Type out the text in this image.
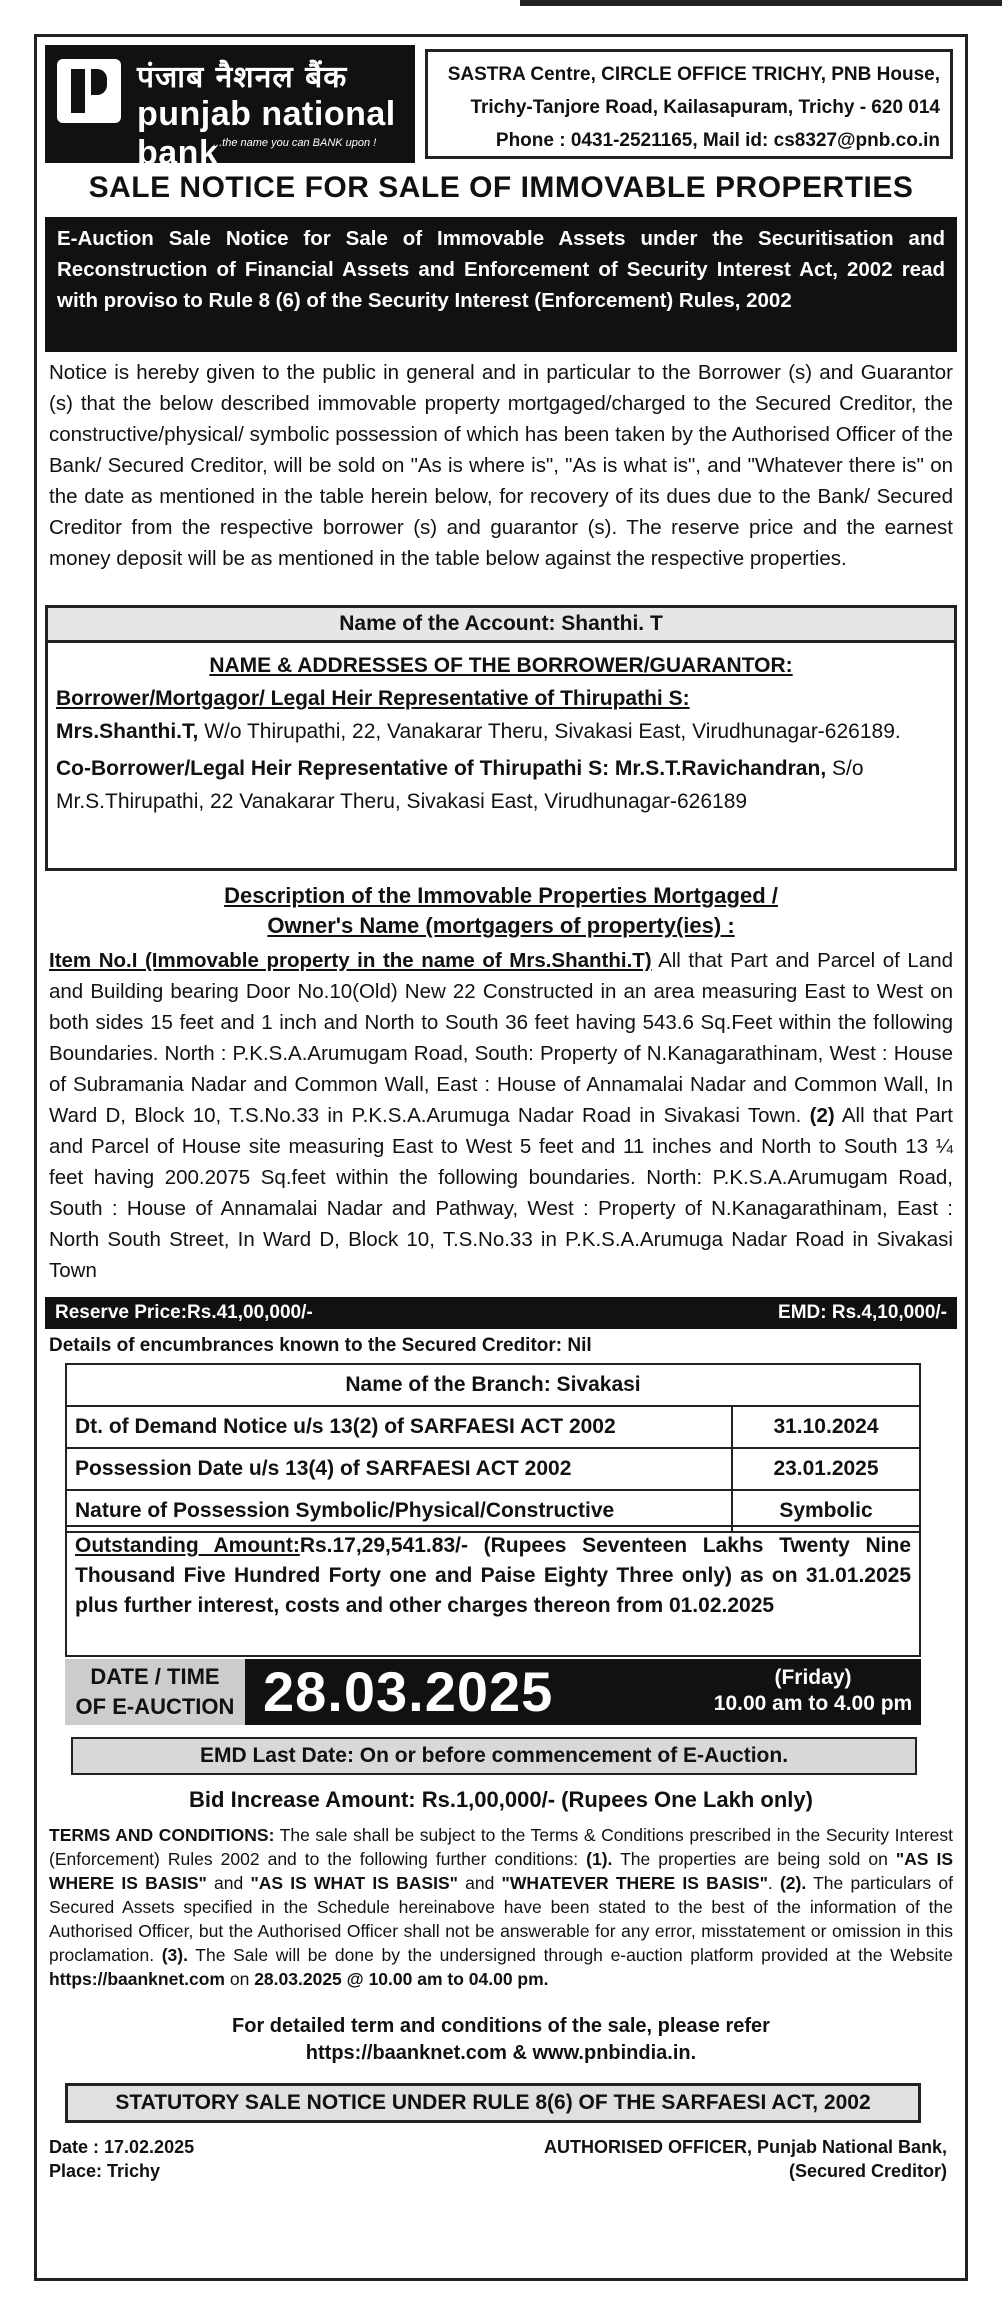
पंजाब नैशनल बैंक
punjab national bank
...the name you can BANK upon !
SASTRA Centre, CIRCLE OFFICE TRICHY, PNB House,
Trichy-Tanjore Road, Kailasapuram, Trichy - 620 014
Phone : 0431-2521165, Mail id: cs8327@pnb.co.in
SALE NOTICE FOR SALE OF IMMOVABLE PROPERTIES
E-Auction Sale Notice for Sale of Immovable Assets under the Securitisation and Reconstruction of Financial Assets and Enforcement of Security Interest Act, 2002 read with proviso to Rule 8 (6) of the Security Interest (Enforcement) Rules, 2002
Notice is hereby given to the public in general and in particular to the Borrower (s) and Guarantor (s) that the below described immovable property mortgaged/charged to the Secured Creditor, the constructive/physical/ symbolic possession of which has been taken by the Authorised Officer of the Bank/ Secured Creditor, will be sold on "As is where is", "As is what is", and "Whatever there is" on the date as mentioned in the table herein below, for recovery of its dues due to the Bank/ Secured Creditor from the respective borrower (s) and guarantor (s). The reserve price and the earnest money deposit will be as mentioned in the table below against the respective properties.
Name of the Account: Shanthi. T
NAME & ADDRESSES OF THE BORROWER/GUARANTOR:
Borrower/Mortgagor/ Legal Heir Representative of Thirupathi S:
Mrs.Shanthi.T, W/o Thirupathi, 22, Vanakarar Theru, Sivakasi East, Virudhunagar-626189.
Co-Borrower/Legal Heir Representative of Thirupathi S: Mr.S.T.Ravichandran, S/o Mr.S.Thirupathi, 22 Vanakarar Theru, Sivakasi East, Virudhunagar-626189
Description of the Immovable Properties Mortgaged /
Owner's Name (mortgagers of property(ies) :
Item No.I (Immovable property in the name of Mrs.Shanthi.T) All that Part and Parcel of Land and Building bearing Door No.10(Old) New 22 Constructed in an area measuring East to West on both sides 15 feet and 1 inch and North to South 36 feet having 543.6 Sq.Feet within the following Boundaries. North : P.K.S.A.Arumugam Road, South: Property of N.Kanagarathinam, West : House of Subramania Nadar and Common Wall, East : House of Annamalai Nadar and Common Wall, In Ward D, Block 10, T.S.No.33 in P.K.S.A.Arumuga Nadar Road in Sivakasi Town. (2) All that Part and Parcel of House site measuring East to West 5 feet and 11 inches and North to South 13 ¼ feet having 200.2075 Sq.feet within the following boundaries. North: P.K.S.A.Arumugam Road, South : House of Annamalai Nadar and Pathway, West : Property of N.Kanagarathinam, East : North South Street, In Ward D, Block 10, T.S.No.33 in P.K.S.A.Arumuga Nadar Road in Sivakasi Town
Reserve Price:Rs.41,00,000/-	EMD: Rs.4,10,000/-
Details of encumbrances known to the Secured Creditor: Nil
Name of the Branch: Sivakasi	
Dt. of Demand Notice u/s 13(2) of SARFAESI ACT 2002	31.10.2024
Possession Date u/s 13(4) of SARFAESI ACT 2002	23.01.2025
Nature of Possession Symbolic/Physical/Constructive	Symbolic
Outstanding Amount:Rs.17,29,541.83/- (Rupees Seventeen Lakhs Twenty Nine Thousand Five Hundred Forty one and Paise Eighty Three only) as on 31.01.2025 plus further interest, costs and other charges thereon from 01.02.2025
DATE / TIME
OF E-AUCTION 28.03.2025	(Friday)
10.00 am to 4.00 pm
EMD Last Date: On or before commencement of E-Auction.
Bid Increase Amount: Rs.1,00,000/- (Rupees One Lakh only)
TERMS AND CONDITIONS: The sale shall be subject to the Terms & Conditions prescribed in the Security Interest (Enforcement) Rules 2002 and to the following further conditions: (1). The properties are being sold on "AS IS WHERE IS BASIS" and "AS IS WHAT IS BASIS" and "WHATEVER THERE IS BASIS". (2). The particulars of Secured Assets specified in the Schedule hereinabove have been stated to the best of the information of the Authorised Officer, but the Authorised Officer shall not be answerable for any error, misstatement or omission in this proclamation. (3). The Sale will be done by the undersigned through e-auction platform provided at the Website https://baanknet.com on 28.03.2025 @ 10.00 am to 04.00 pm.
For detailed term and conditions of the sale, please refer
https://baanknet.com & www.pnbindia.in.
STATUTORY SALE NOTICE UNDER RULE 8(6) OF THE SARFAESI ACT, 2002
Date : 17.02.2025
Place: Trichy
AUTHORISED OFFICER, Punjab National Bank,
(Secured Creditor)
